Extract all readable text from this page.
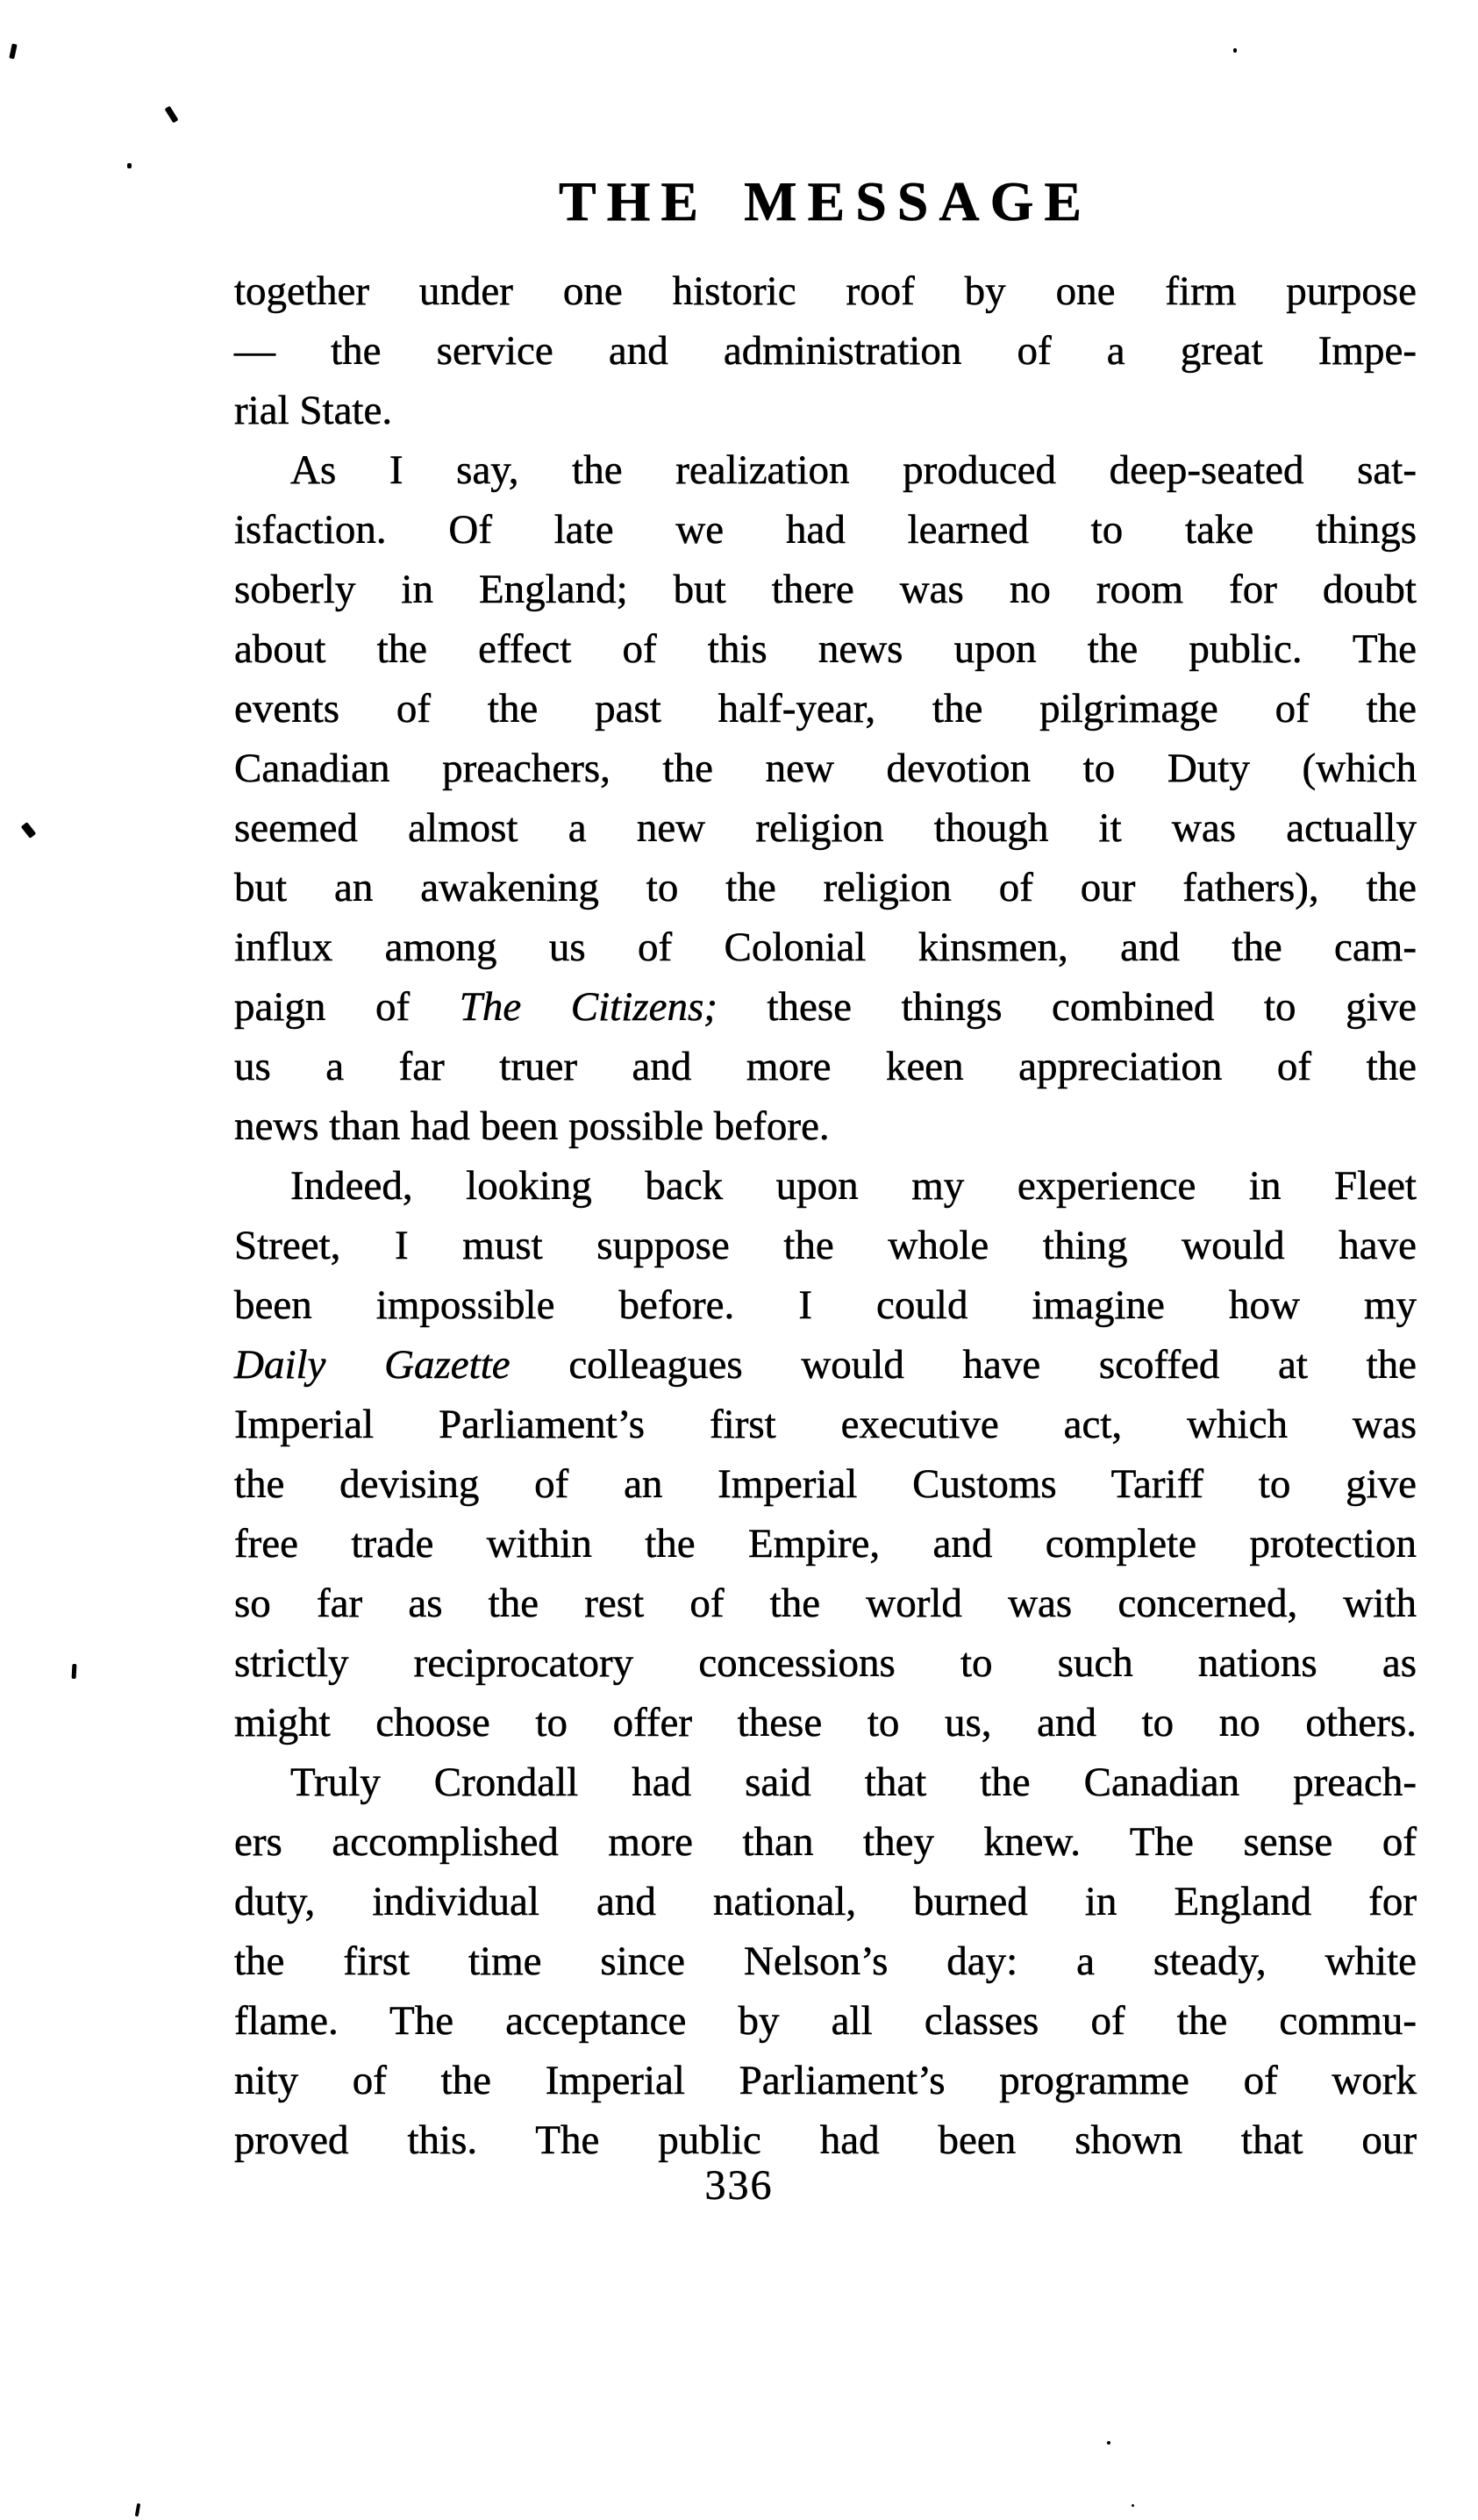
THE MESSAGE
together under one historic roof by one firm purpose
— the service and administration of a great Impe-
rial State.
As I say, the realization produced deep-seated sat-
isfaction. Of late we had learned to take things
soberly in England; but there was no room for doubt
about the effect of this news upon the public. The
events of the past half-year, the pilgrimage of the
Canadian preachers, the new devotion to Duty (which
seemed almost a new religion though it was actually
but an awakening to the religion of our fathers), the
influx among us of Colonial kinsmen, and the cam-
paign of The Citizens; these things combined to give
us a far truer and more keen appreciation of the
news than had been possible before.
Indeed, looking back upon my experience in Fleet
Street, I must suppose the whole thing would have
been impossible before. I could imagine how my
Daily Gazette colleagues would have scoffed at the
Imperial Parliament’s first executive act, which was
the devising of an Imperial Customs Tariff to give
free trade within the Empire, and complete protection
so far as the rest of the world was concerned, with
strictly reciprocatory concessions to such nations as
might choose to offer these to us, and to no others.
Truly Crondall had said that the Canadian preach-
ers accomplished more than they knew. The sense of
duty, individual and national, burned in England for
the first time since Nelson’s day: a steady, white
flame. The acceptance by all classes of the commu-
nity of the Imperial Parliament’s programme of work
proved this. The public had been shown that our
336
